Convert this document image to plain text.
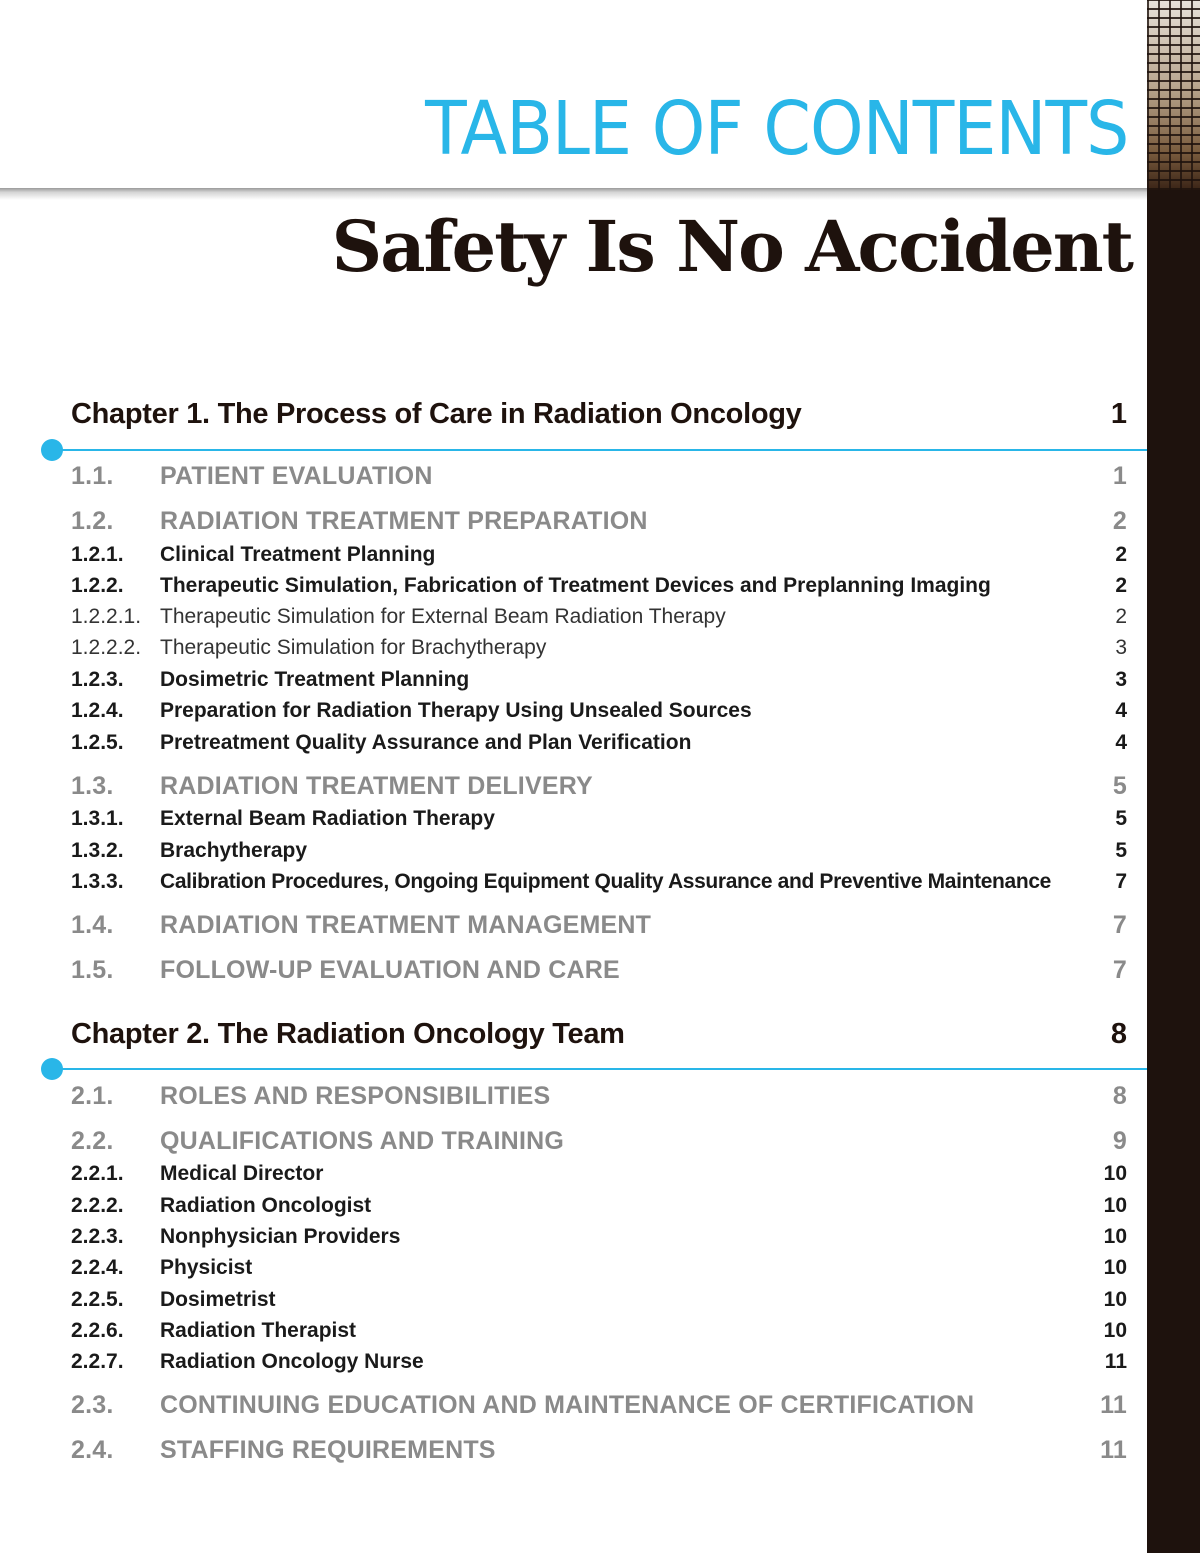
TABLE OF CONTENTS
Safety Is No Accident
Chapter 1. The Process of Care in Radiation Oncology	1
1.1. PATIENT EVALUATION	1
1.2. RADIATION TREATMENT PREPARATION	2
1.2.1. Clinical Treatment Planning	2
1.2.2. Therapeutic Simulation, Fabrication of Treatment Devices and Preplanning Imaging	2
1.2.2.1. Therapeutic Simulation for External Beam Radiation Therapy	2
1.2.2.2. Therapeutic Simulation for Brachytherapy	3
1.2.3. Dosimetric Treatment Planning	3
1.2.4. Preparation for Radiation Therapy Using Unsealed Sources	4
1.2.5. Pretreatment Quality Assurance and Plan Verification	4
1.3. RADIATION TREATMENT DELIVERY	5
1.3.1. External Beam Radiation Therapy	5
1.3.2. Brachytherapy	5
1.3.3. Calibration Procedures, Ongoing Equipment Quality Assurance and Preventive Maintenance	7
1.4. RADIATION TREATMENT MANAGEMENT	7
1.5. FOLLOW-UP EVALUATION AND CARE	7
Chapter 2. The Radiation Oncology Team	8
2.1. ROLES AND RESPONSIBILITIES	8
2.2. QUALIFICATIONS AND TRAINING	9
2.2.1. Medical Director	10
2.2.2. Radiation Oncologist	10
2.2.3. Nonphysician Providers	10
2.2.4. Physicist	10
2.2.5. Dosimetrist	10
2.2.6. Radiation Therapist	10
2.2.7. Radiation Oncology Nurse	11
2.3. CONTINUING EDUCATION AND MAINTENANCE OF CERTIFICATION	11
2.4. STAFFING REQUIREMENTS	11
